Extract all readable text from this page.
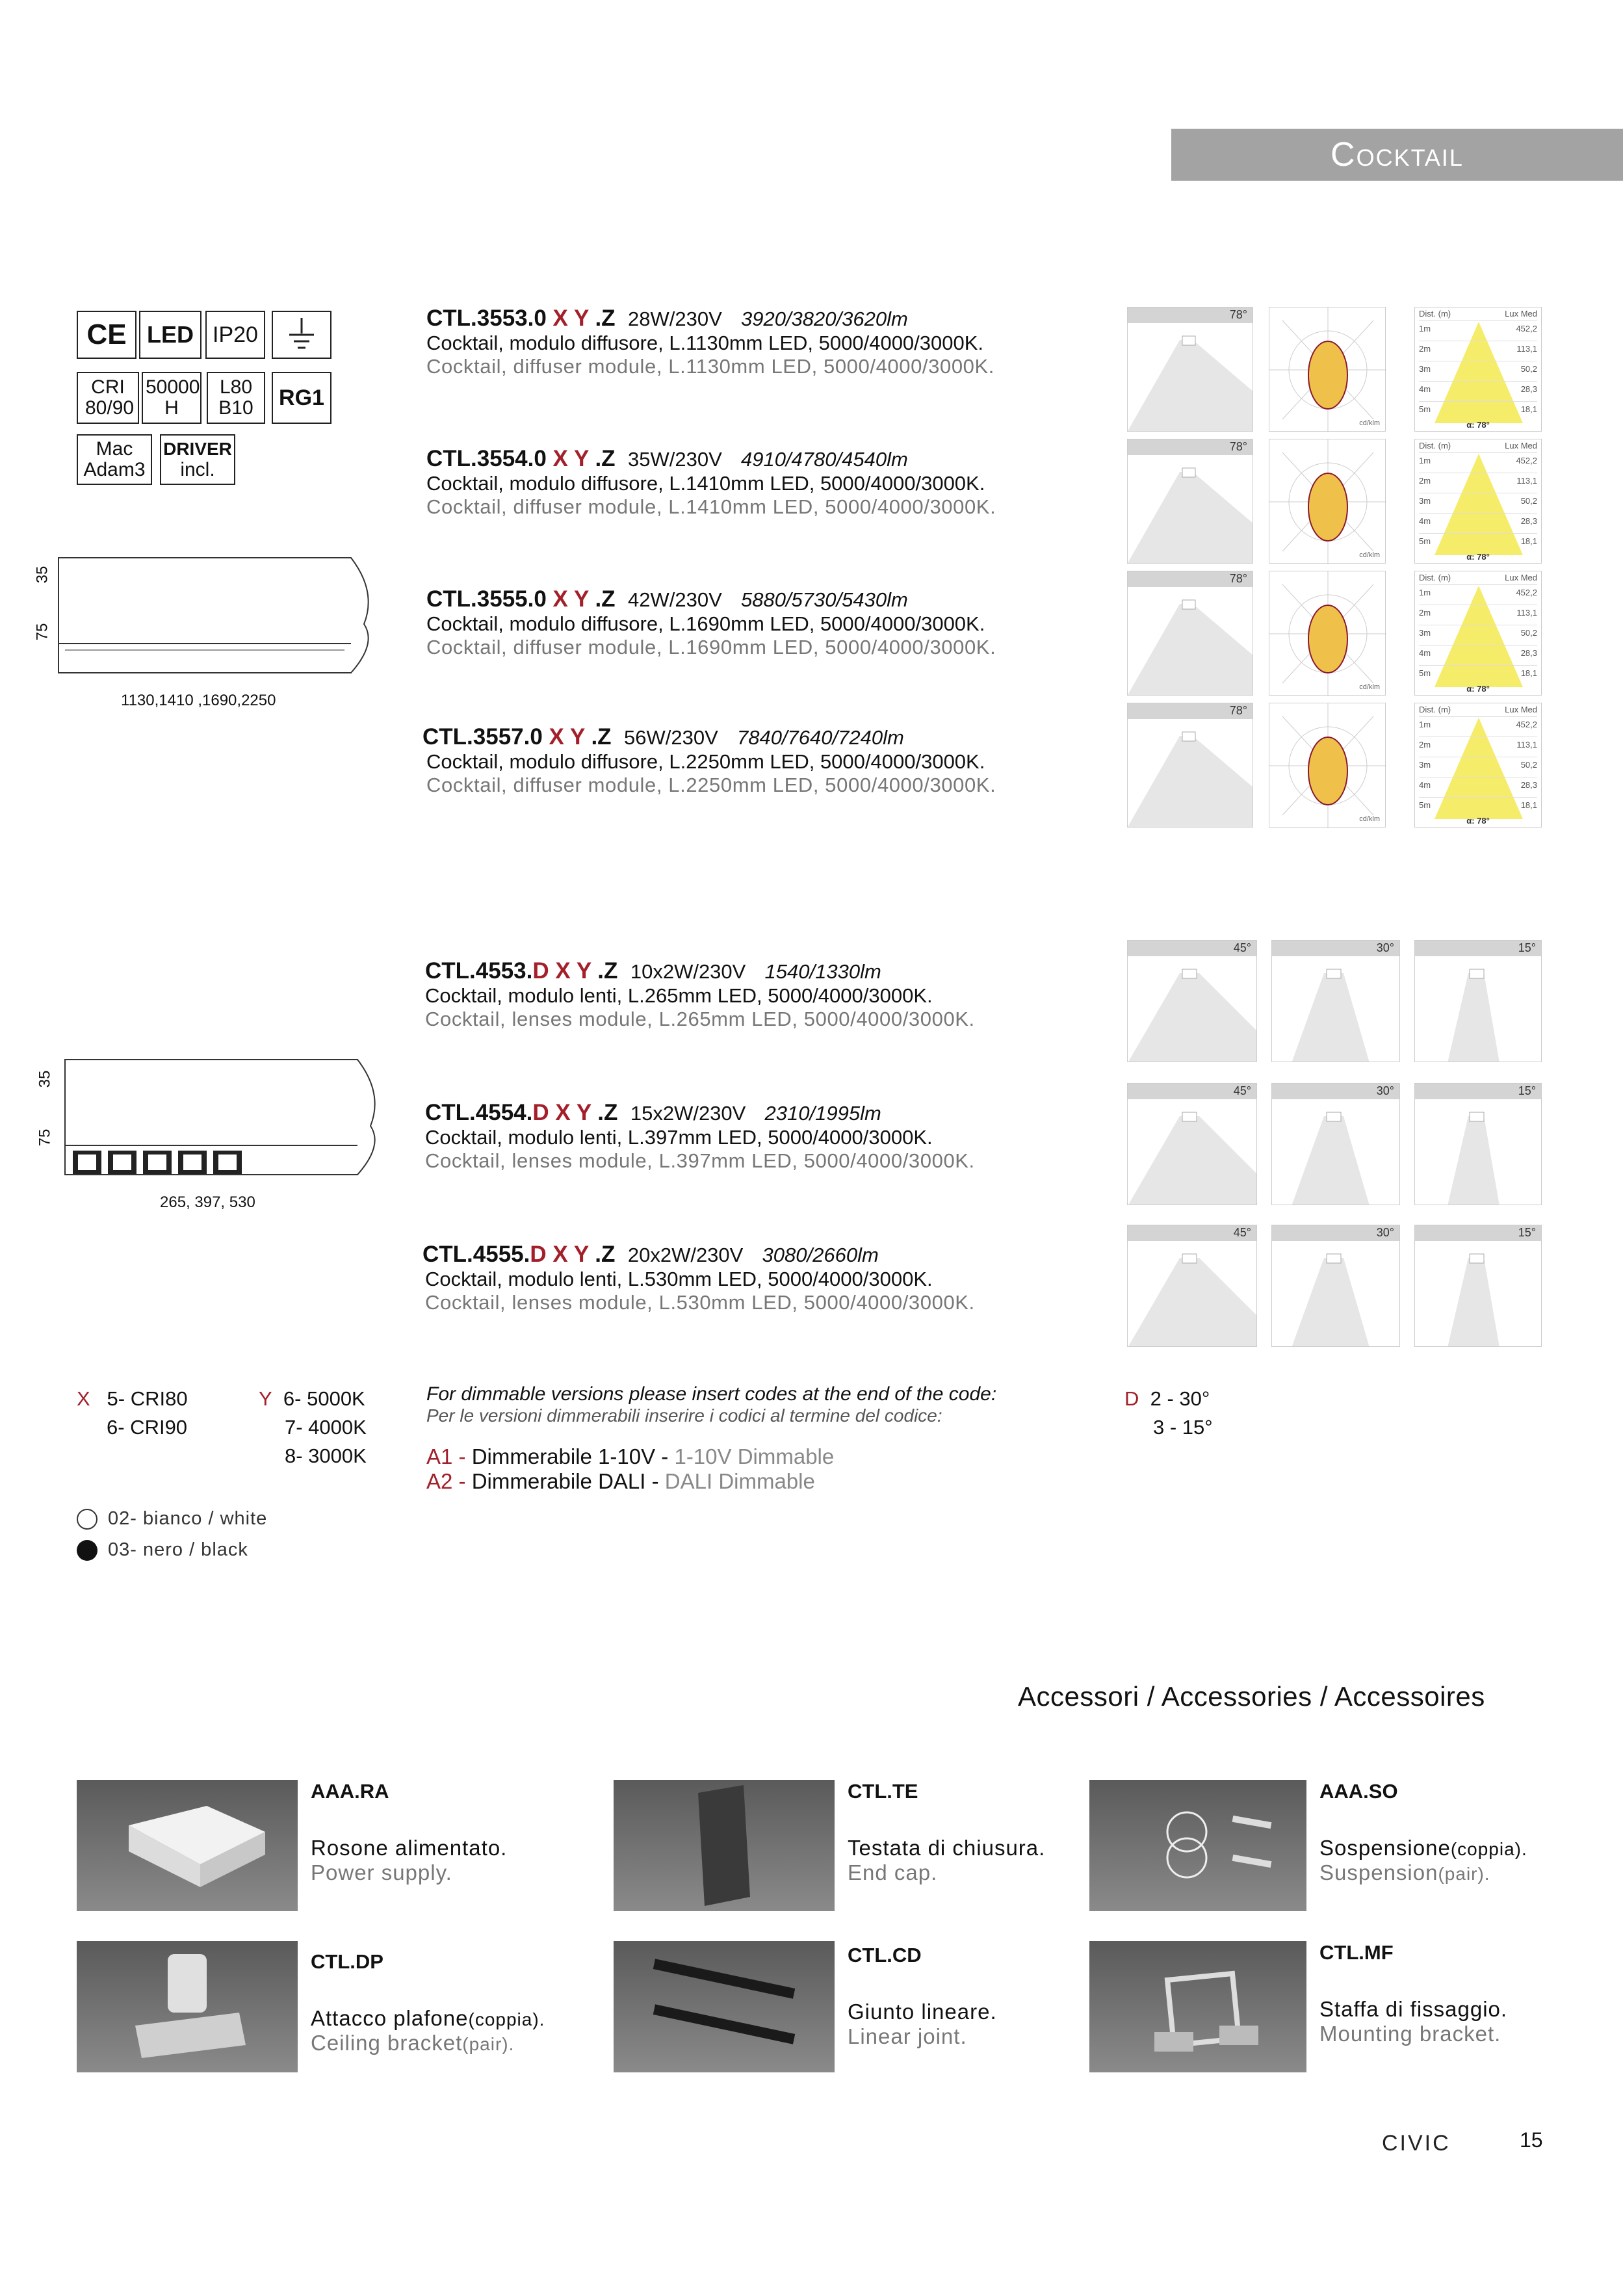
Cocktail
CE LED IP20
CRI 80/90
50000 H
L80 B10 RG1
Mac Adam3
DRIVER
incl.
35
75
1130,1410 ,1690,2250
35
75
265, 397, 530
CTL.3553.0 X Y .Z 28W/230V 3920/3820/3620lm
Cocktail, modulo diffusore, L.1130mm LED, 5000/4000/3000K.
Cocktail, diffuser module, L.1130mm LED, 5000/4000/3000K.
CTL.3554.0 X Y .Z 35W/230V 4910/4780/4540lm
Cocktail, modulo diffusore, L.1410mm LED, 5000/4000/3000K.
Cocktail, diffuser module, L.1410mm LED, 5000/4000/3000K.
CTL.3555.0 X Y .Z 42W/230V 5880/5730/5430lm
Cocktail, modulo diffusore, L.1690mm LED, 5000/4000/3000K.
Cocktail, diffuser module, L.1690mm LED, 5000/4000/3000K.
CTL.3557.0 X Y .Z 56W/230V 7840/7640/7240lm
Cocktail, modulo diffusore, L.2250mm LED, 5000/4000/3000K.
Cocktail, diffuser module, L.2250mm LED, 5000/4000/3000K.
78°
cd/klm
Dist. (m)	Lux Med
1m	452,2
2m	113,1
3m	50,2
4m	28,3
5m	18,1
α: 78°
78°
cd/klm
Dist. (m)	Lux Med
1m	452,2
2m	113,1
3m	50,2
4m	28,3
5m	18,1
α: 78°
78°
cd/klm
Dist. (m)	Lux Med
1m	452,2
2m	113,1
3m	50,2
4m	28,3
5m	18,1
α: 78°
78°
cd/klm
Dist. (m)	Lux Med
1m	452,2
2m	113,1
3m	50,2
4m	28,3
5m	18,1
α: 78°
CTL.4553.D X Y .Z 10x2W/230V 1540/1330lm
Cocktail, modulo lenti, L.265mm LED, 5000/4000/3000K.
Cocktail, lenses module, L.265mm LED, 5000/4000/3000K.
CTL.4554.D X Y .Z 15x2W/230V 2310/1995lm
Cocktail, modulo lenti, L.397mm LED, 5000/4000/3000K.
Cocktail, lenses module, L.397mm LED, 5000/4000/3000K.
CTL.4555.D X Y .Z 20x2W/230V 3080/2660lm
Cocktail, modulo lenti, L.530mm LED, 5000/4000/3000K.
Cocktail, lenses module, L.530mm LED, 5000/4000/3000K.
45°	30°	15°
45°	30°	15°
45°	30°	15°
X 5- CRI80
6- CRI90
Y 6- 5000K
7- 4000K
8- 3000K
For dimmable versions please insert codes at the end of the code:
Per le versioni dimmerabili inserire i codici al termine del codice:
A1 - Dimmerabile 1-10V - 1-10V Dimmable
A2 - Dimmerabile DALI - DALI Dimmable
D 2 - 30°
3 - 15°
02- bianco / white
03- nero / black
Accessori / Accessories / Accessoires
AAA.RA
Rosone alimentato.
Power supply.
CTL.TE
Testata di chiusura.
End cap.
AAA.SO
Sospensione(coppia).
Suspension(pair).
CTL.DP
Attacco plafone(coppia).
Ceiling bracket(pair).
CTL.CD
Giunto lineare.
Linear joint.
CTL.MF
Staffa di fissaggio.
Mounting bracket.
CIVIC	15
